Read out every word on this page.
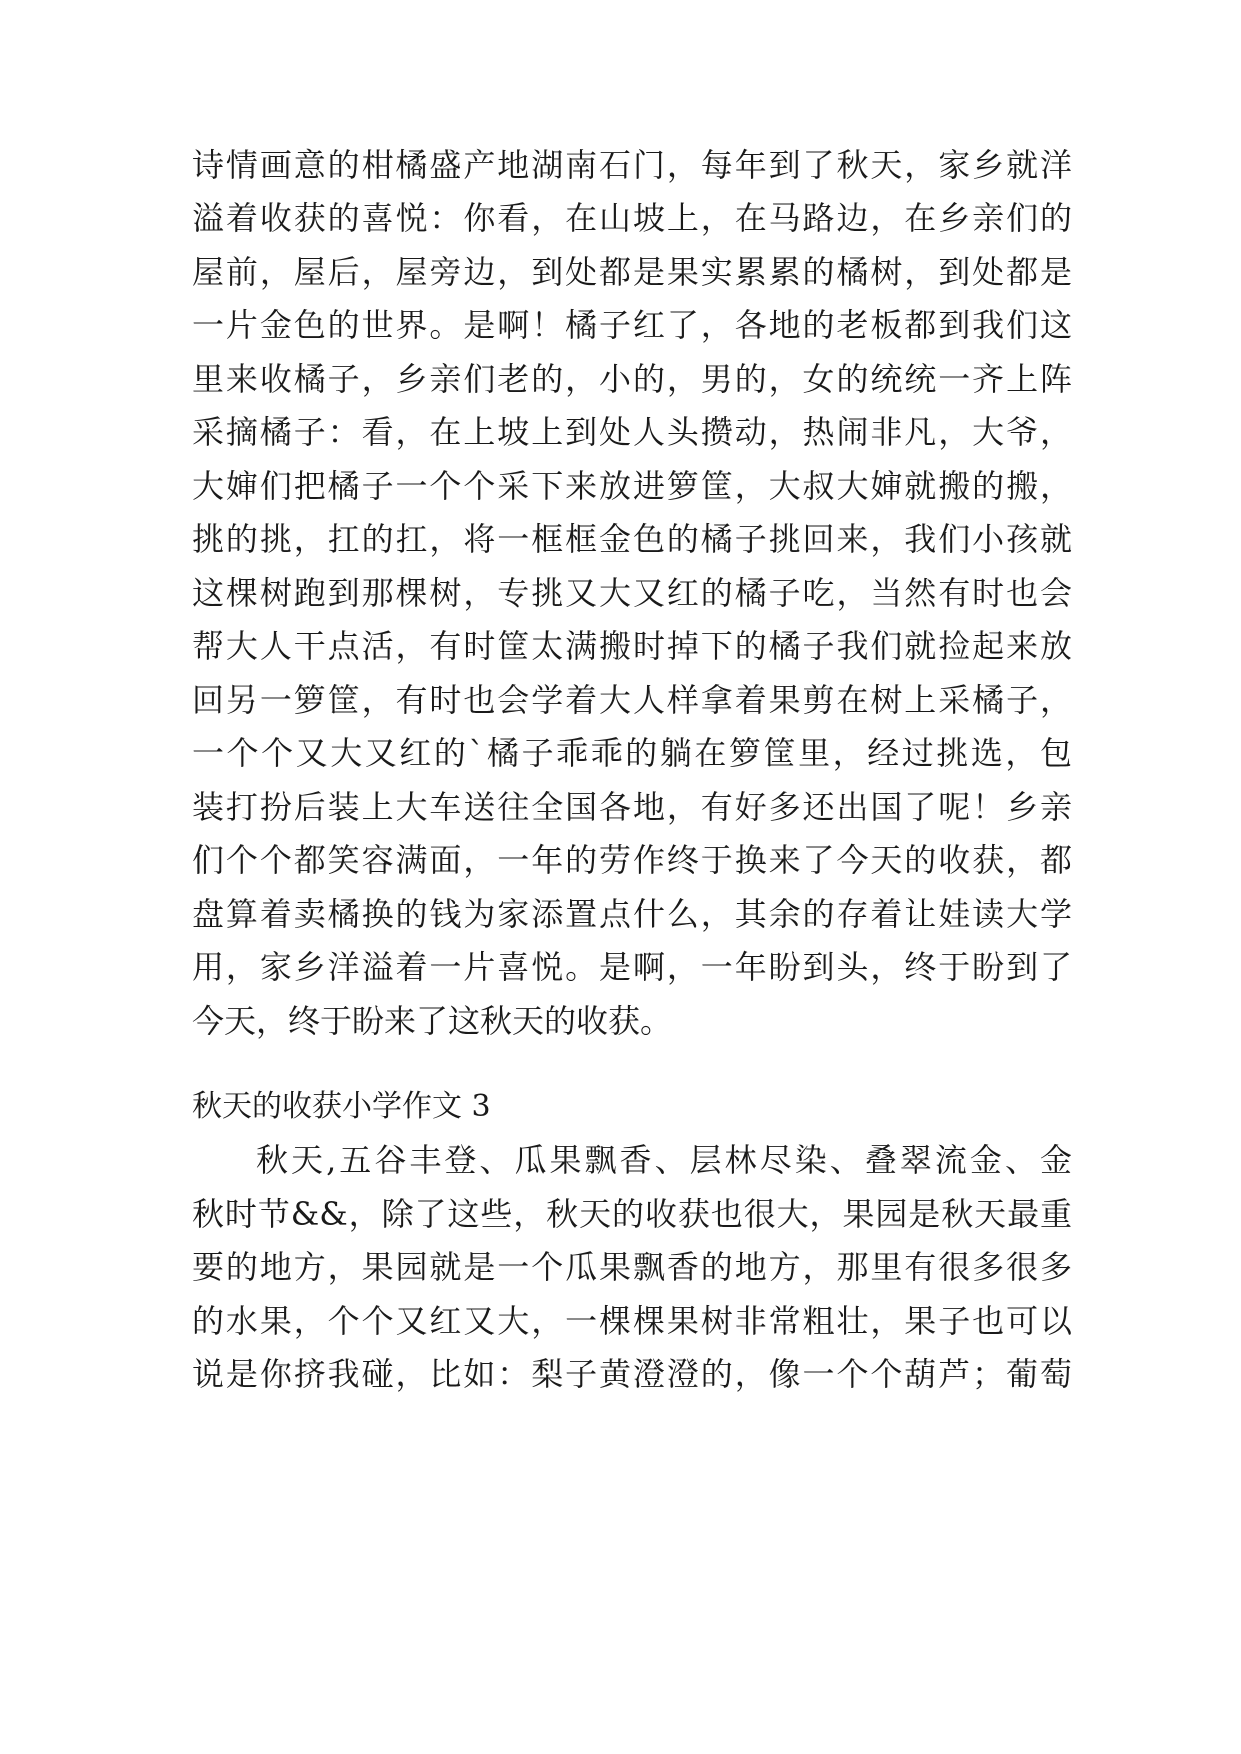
诗情画意的柑橘盛产地湖南石门，每年到了秋天，家乡就洋
溢着收获的喜悦：你看，在山坡上，在马路边，在乡亲们的
屋前，屋后，屋旁边，到处都是果实累累的橘树，到处都是
一片金色的世界。是啊！橘子红了，各地的老板都到我们这
里来收橘子，乡亲们老的，小的，男的，女的统统一齐上阵
采摘橘子：看，在上坡上到处人头攒动，热闹非凡，大爷，
大婶们把橘子一个个采下来放进箩筐，大叔大婶就搬的搬，
挑的挑，扛的扛，将一框框金色的橘子挑回来，我们小孩就
这棵树跑到那棵树，专挑又大又红的橘子吃，当然有时也会
帮大人干点活，有时筐太满搬时掉下的橘子我们就捡起来放
回另一箩筐，有时也会学着大人样拿着果剪在树上采橘子，
一个个又大又红的`橘子乖乖的躺在箩筐里，经过挑选，包
装打扮后装上大车送往全国各地，有好多还出国了呢！乡亲
们个个都笑容满面，一年的劳作终于换来了今天的收获，都
盘算着卖橘换的钱为家添置点什么，其余的存着让娃读大学
用，家乡洋溢着一片喜悦。是啊，一年盼到头，终于盼到了
今天，终于盼来了这秋天的收获。
秋天的收获小学作文 3
秋天,五谷丰登、瓜果飘香、层林尽染、叠翠流金、金
秋时节&&，除了这些，秋天的收获也很大，果园是秋天最重
要的地方，果园就是一个瓜果飘香的地方，那里有很多很多
的水果，个个又红又大，一棵棵果树非常粗壮，果子也可以
说是你挤我碰，比如：梨子黄澄澄的，像一个个葫芦；葡萄
